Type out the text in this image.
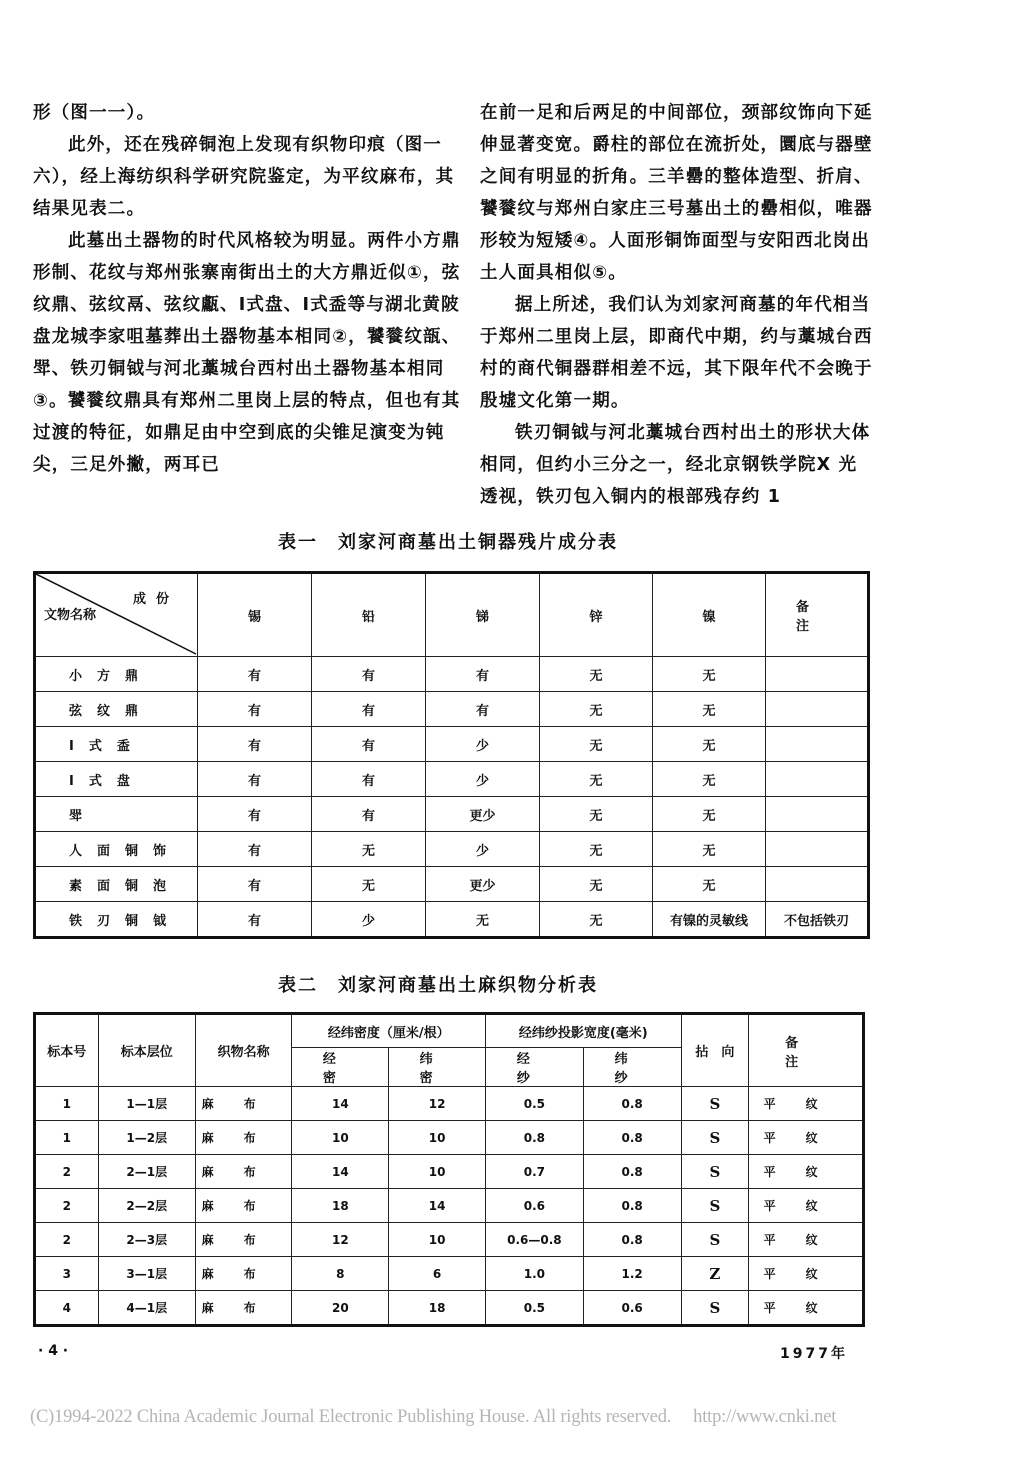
形（图一一）。

此外，还在残碎铜泡上发现有织物印痕（图一六），经上海纺织科学研究院鉴定，为平纹麻布，其结果见表二。

此墓出土器物的时代风格较为明显。两件小方鼎形制、花纹与郑州张寨南街出土的大方鼎近似①，弦纹鼎、弦纹鬲、弦纹甗、Ⅰ式盘、Ⅰ式盉等与湖北黄陂盘龙城李家咀墓葬出土器物基本相同②，饕餮纹瓿、斝、铁刃铜钺与河北藁城台西村出土器物基本相同③。饕餮纹鼎具有郑州二里岗上层的特点，但也有其过渡的特征，如鼎足由中空到底的尖锥足演变为钝尖，三足外撇，两耳已

在前一足和后两足的中间部位，颈部纹饰向下延伸显著变宽。爵柱的部位在流折处，圜底与器壁之间有明显的折角。三羊罍的整体造型、折肩、饕餮纹与郑州白家庄三号墓出土的罍相似，唯器形较为短矮④。人面形铜饰面型与安阳西北岗出土人面具相似⑤。

据上所述，我们认为刘家河商墓的年代相当于郑州二里岗上层，即商代中期，约与藁城台西村的商代铜器群相差不远，其下限年代不会晚于殷墟文化第一期。

铁刃铜钺与河北藁城台西村出土的形状大体相同，但约小三分之一，经北京钢铁学院X 光透视，铁刃包入铜内的根部残存约 1

表一　刘家河商墓出土铜器残片成分表
成份
文物名称	锡	铅	锑	锌	镍	备　注
小方鼎	有	有	有	无	无	
弦纹鼎	有	有	有	无	无	
Ⅰ式盉	有	有	少	无	无	
Ⅰ式盘	有	有	少	无	无	
斝	有	有	更少	无	无	
人面铜饰	有	无	少	无	无	
素面铜泡	有	无	更少	无	无	
铁刃铜钺	有	少	无	无	有镍的灵敏线	不包括铁刃
表二　刘家河商墓出土麻织物分析表
标本号	标本层位	织物名称	经纬密度（厘米/根）		经纬纱投影宽度(毫米)		拈　向	备　注
			经　密	纬　密	经　纱	纬　纱		
1	1—1层	麻布	14	12	0.5	0.8	S	平纹
1	1—2层	麻布	10	10	0.8	0.8	S	平纹
2	2—1层	麻布	14	10	0.7	0.8	S	平纹
2	2—2层	麻布	18	14	0.6	0.8	S	平纹
2	2—3层	麻布	12	10	0.6—0.8	0.8	S	平纹
3	3—1层	麻布	8	6	1.0	1.2	Z	平纹
4	4—1层	麻布	20	18	0.5	0.6	S	平纹
· 4 ·	1977年
(C)1994-2022 China Academic Journal Electronic Publishing House. All rights reserved. http://www.cnki.net
